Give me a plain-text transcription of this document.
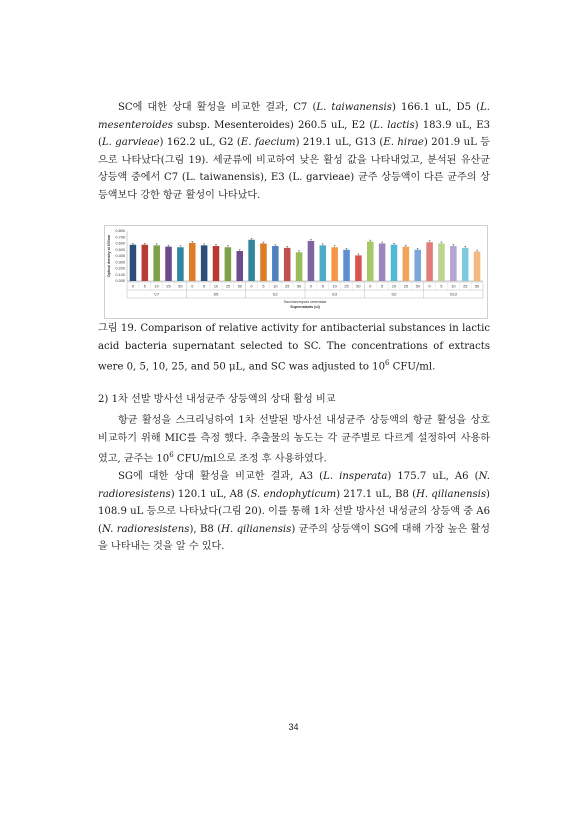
SC에 대한 상대 활성을 비교한 결과, C7 (L. taiwanensis) 166.1 uL, D5 (L. mesenteroides subsp. Mesenteroides) 260.5 uL, E2 (L. lactis) 183.9 uL, E3 (L. garvieae) 162.2 uL, G2 (E. faecium) 219.1 uL, G13 (E. hirae) 201.9 uL 등으로 나타났다(그림 19). 세균류에 비교하여 낮은 활성 값을 나타내었고, 분석된 유산균 상등액 중에서 C7 (L. taiwanensis), E3 (L. garvieae) 균주 상등액이 다른 균주의 상등액보다 강한 항균 활성이 나타났다.

Optical density at 600nm
0.000
0.100
0.200
0.300
0.400
0.500
0.600
0.700
0.800
0	5 10 25 50
C7
0	5 10 25 50
D5
0	5 10 25 50
E2
0	5 10 25 50
E3
0	5 10 25 50
G2
0	5 10 25 50
G13
Saccharomyces cerevisiae
Supernatants (ul)

그림 19. Comparison of relative activity for antibacterial substances in lactic acid bacteria supernatant selected to SC. The concentrations of extracts were 0, 5, 10, 25, and 50 μL, and SC was adjusted to $10^6$ CFU/ml.

2) 1차 선발 방사선 내성균주 상등액의 상대 활성 비교

항균 활성을 스크리닝하여 1차 선발된 방사선 내성균주 상등액의 항균 활성을 상호 비교하기 위해 MIC를 측정 했다. 추출물의 농도는 각 균주별로 다르게 설정하여 사용하였고, 균주는 $10^6$ CFU/ml으로 조정 후 사용하였다.

SG에 대한 상대 활성을 비교한 결과, A3 (L. insperata) 175.7 uL, A6 (N. radioresistens) 120.1 uL, A8 (S. endophyticum) 217.1 uL, B8 (H. qilianensis) 108.9 uL 등으로 나타났다(그림 20). 이를 통해 1차 선발 방사선 내성균의 상등액 중 A6 (N. radioresistens), B8 (H. qilianensis) 균주의 상등액이 SG에 대해 가장 높은 활성을 나타내는 것을 알 수 있다.

34
